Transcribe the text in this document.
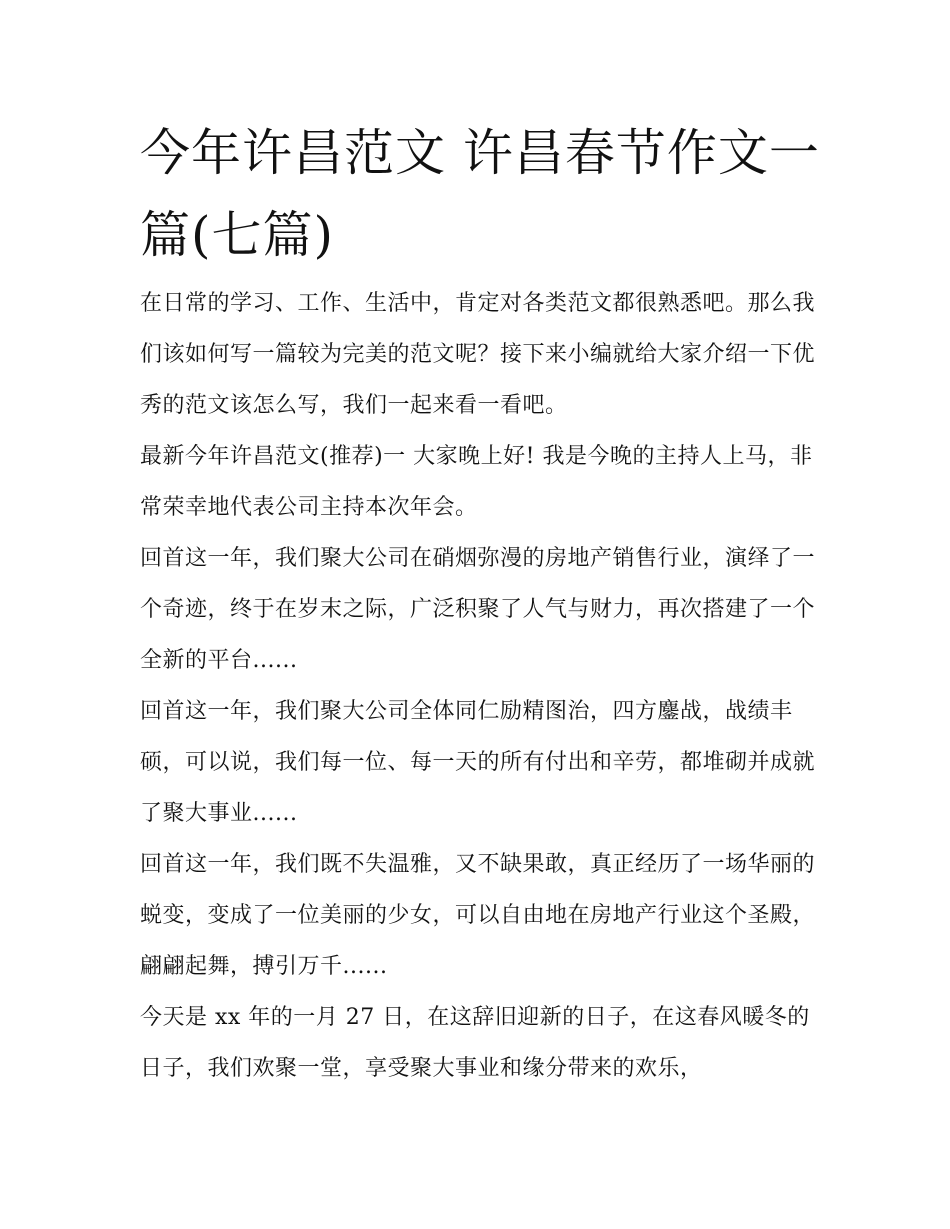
今年许昌范文 许昌春节作文一篇(七篇)

在日常的学习、工作、生活中，肯定对各类范文都很熟悉吧。那么我们该如何写一篇较为完美的范文呢？接下来小编就给大家介绍一下优秀的范文该怎么写，我们一起来看一看吧。

最新今年许昌范文(推荐)一 大家晚上好! 我是今晚的主持人上马，非常荣幸地代表公司主持本次年会。

回首这一年，我们聚大公司在硝烟弥漫的房地产销售行业，演绎了一个奇迹，终于在岁末之际，广泛积聚了人气与财力，再次搭建了一个全新的平台......

回首这一年，我们聚大公司全体同仁励精图治，四方鏖战，战绩丰硕，可以说，我们每一位、每一天的所有付出和辛劳，都堆砌并成就了聚大事业......

回首这一年，我们既不失温雅，又不缺果敢，真正经历了一场华丽的蜕变，变成了一位美丽的少女，可以自由地在房地产行业这个圣殿，翩翩起舞，搏引万千......

今天是 xx 年的一月 27 日，在这辞旧迎新的日子，在这春风暖冬的日子，我们欢聚一堂，享受聚大事业和缘分带来的欢乐，
